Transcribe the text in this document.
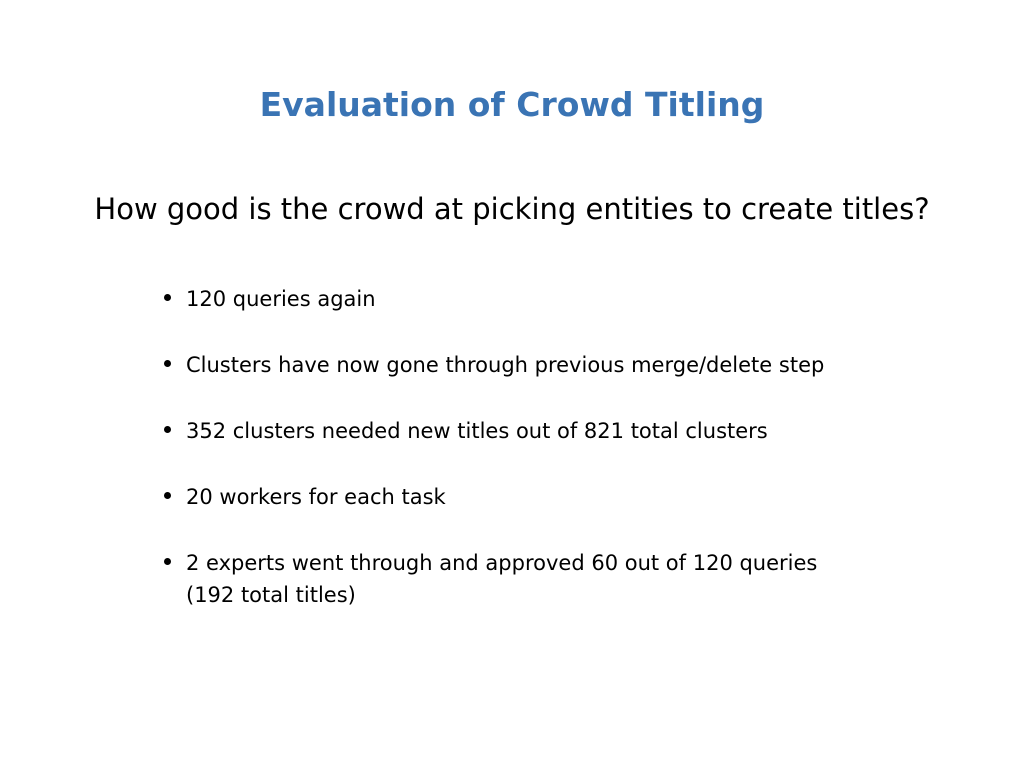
Evaluation of Crowd Titling
How good is the crowd at picking entities to create titles?
120 queries again
Clusters have now gone through previous merge/delete step
352 clusters needed new titles out of 821 total clusters
20 workers for each task
2 experts went through and approved 60 out of 120 queries
(192 total titles)
